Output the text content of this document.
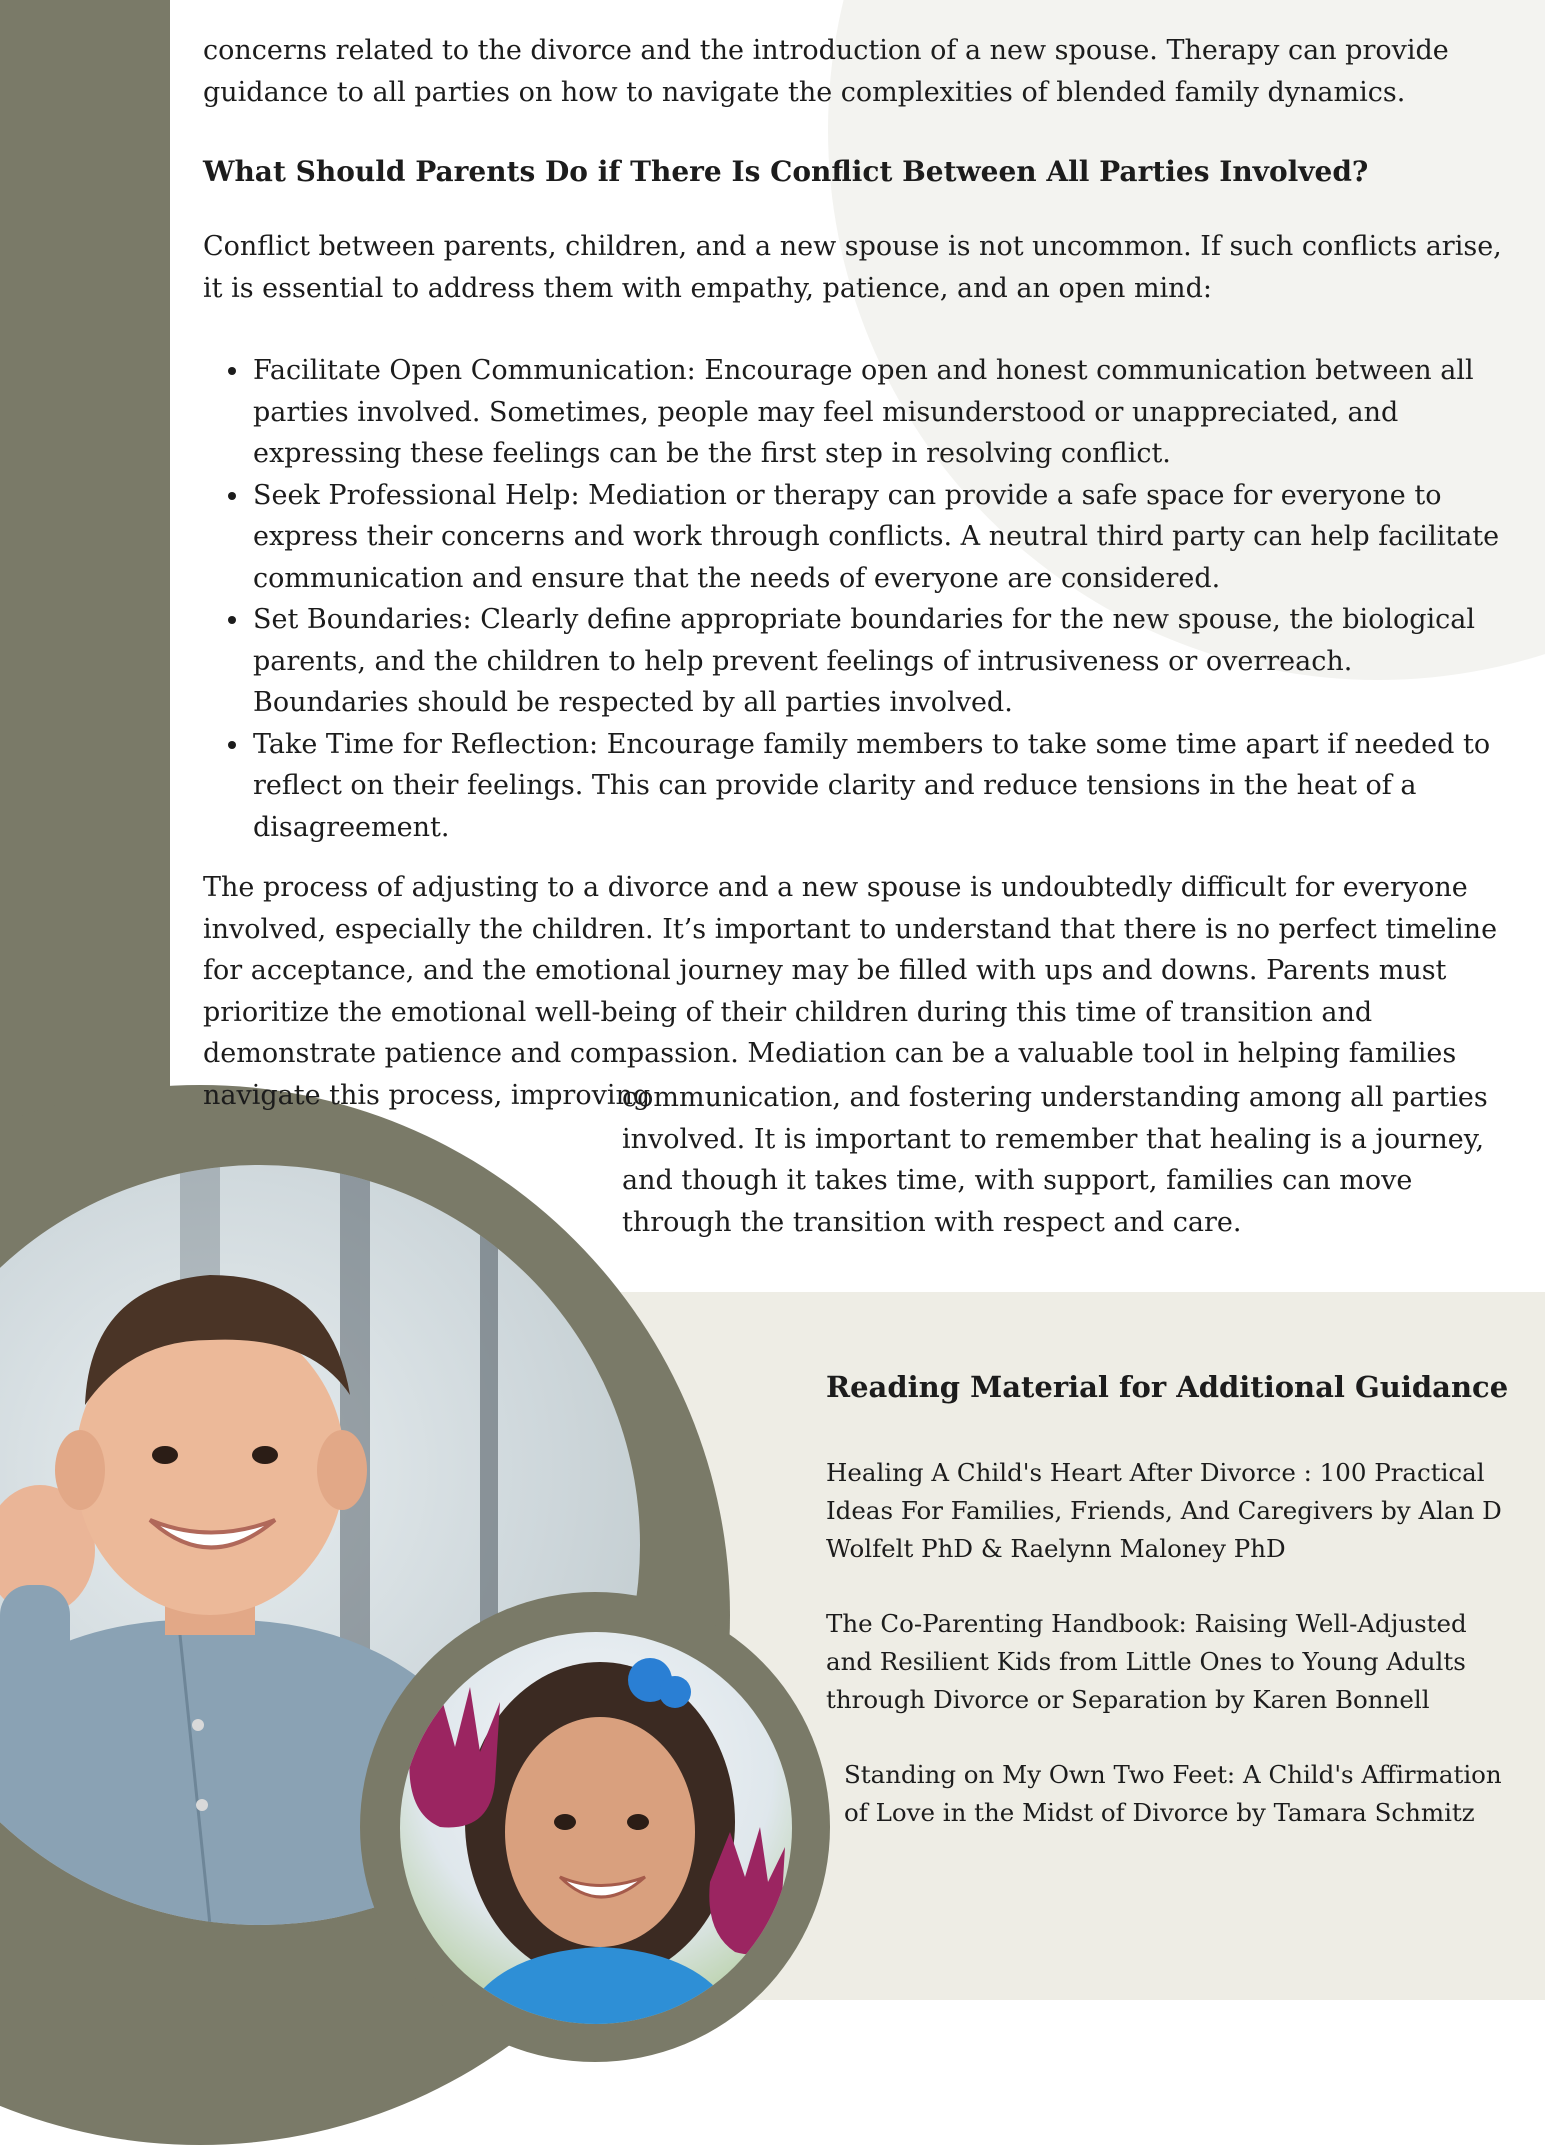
concerns related to the divorce and the introduction of a new spouse. Therapy can provide guidance to all parties on how to navigate the complexities of blended family dynamics.

What Should Parents Do if There Is Conflict Between All Parties Involved?

Conflict between parents, children, and a new spouse is not uncommon. If such conflicts arise, it is essential to address them with empathy, patience, and an open mind:

• Facilitate Open Communication: Encourage open and honest communication between all parties involved. Sometimes, people may feel misunderstood or unappreciated, and expressing these feelings can be the first step in resolving conflict.
• Seek Professional Help: Mediation or therapy can provide a safe space for everyone to express their concerns and work through conflicts. A neutral third party can help facilitate communication and ensure that the needs of everyone are considered.
• Set Boundaries: Clearly define appropriate boundaries for the new spouse, the biological parents, and the children to help prevent feelings of intrusiveness or overreach. Boundaries should be respected by all parties involved.
• Take Time for Reflection: Encourage family members to take some time apart if needed to reflect on their feelings. This can provide clarity and reduce tensions in the heat of a disagreement.

The process of adjusting to a divorce and a new spouse is undoubtedly difficult for everyone involved, especially the children. It’s important to understand that there is no perfect timeline for acceptance, and the emotional journey may be filled with ups and downs. Parents must prioritize the emotional well-being of their children during this time of transition and demonstrate patience and compassion. Mediation can be a valuable tool in helping families navigate this process, improving

communication, and fostering understanding among all parties involved. It is important to remember that healing is a journey, and though it takes time, with support, families can move through the transition with respect and care.

Reading Material for Additional Guidance

Healing A Child's Heart After Divorce : 100 Practical Ideas For Families, Friends, And Caregivers by Alan D Wolfelt PhD & Raelynn Maloney PhD

The Co-Parenting Handbook: Raising Well-Adjusted and Resilient Kids from Little Ones to Young Adults through Divorce or Separation by Karen Bonnell

Standing on My Own Two Feet: A Child's Affirmation of Love in the Midst of Divorce by Tamara Schmitz
